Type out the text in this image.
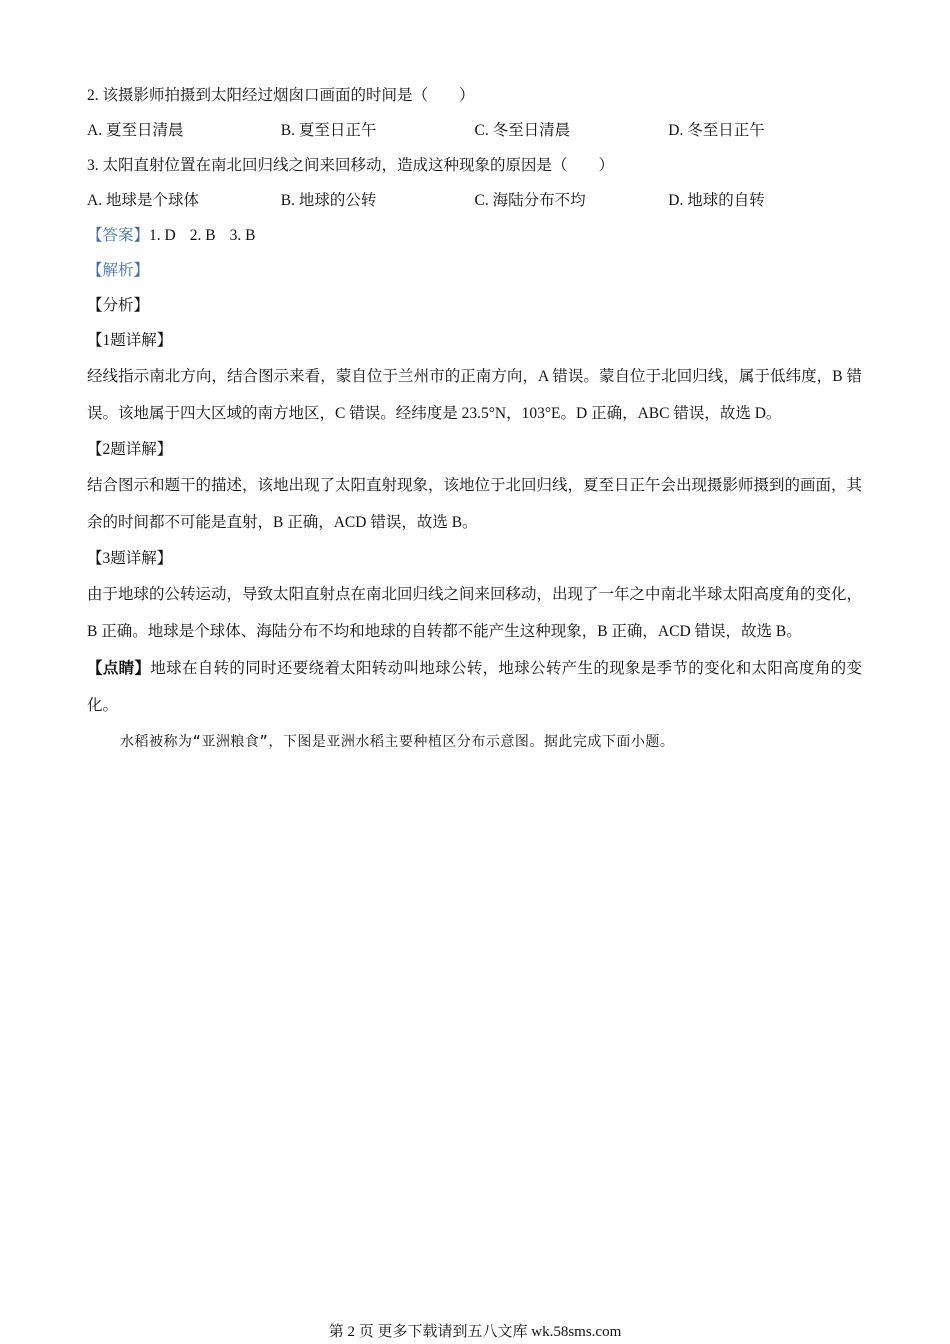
2. 该摄影师拍摄到太阳经过烟囱口画面的时间是（　　）
A. 夏至日清晨	B. 夏至日正午	C. 冬至日清晨	D. 冬至日正午
3. 太阳直射位置在南北回归线之间来回移动，造成这种现象的原因是（　　）
A. 地球是个球体	B. 地球的公转	C. 海陆分布不均	D. 地球的自转
【答案】1. D 2. B 3. B
【解析】
【分析】
【1题详解】

经线指示南北方向，结合图示来看，蒙自位于兰州市的正南方向，A 错误。蒙自位于北回归线，属于低纬度，B 错误。该地属于四大区域的南方地区，C 错误。经纬度是 23.5°N，103°E。D 正确，ABC 错误，故选 D。

【2题详解】

结合图示和题干的描述，该地出现了太阳直射现象，该地位于北回归线，夏至日正午会出现摄影师摄到的画面，其余的时间都不可能是直射，B 正确，ACD 错误，故选 B。

【3题详解】

由于地球的公转运动，导致太阳直射点在南北回归线之间来回移动，出现了一年之中南北半球太阳高度角的变化，B 正确。地球是个球体、海陆分布不均和地球的自转都不能产生这种现象，B 正确，ACD 错误，故选 B。

【点睛】地球在自转的同时还要绕着太阳转动叫地球公转，地球公转产生的现象是季节的变化和太阳高度角的变化。

水稻被称为“亚洲粮食”，下图是亚洲水稻主要种植区分布示意图。据此完成下面小题。
第 2 页 更多下载请到五八文库 wk.58sms.com
